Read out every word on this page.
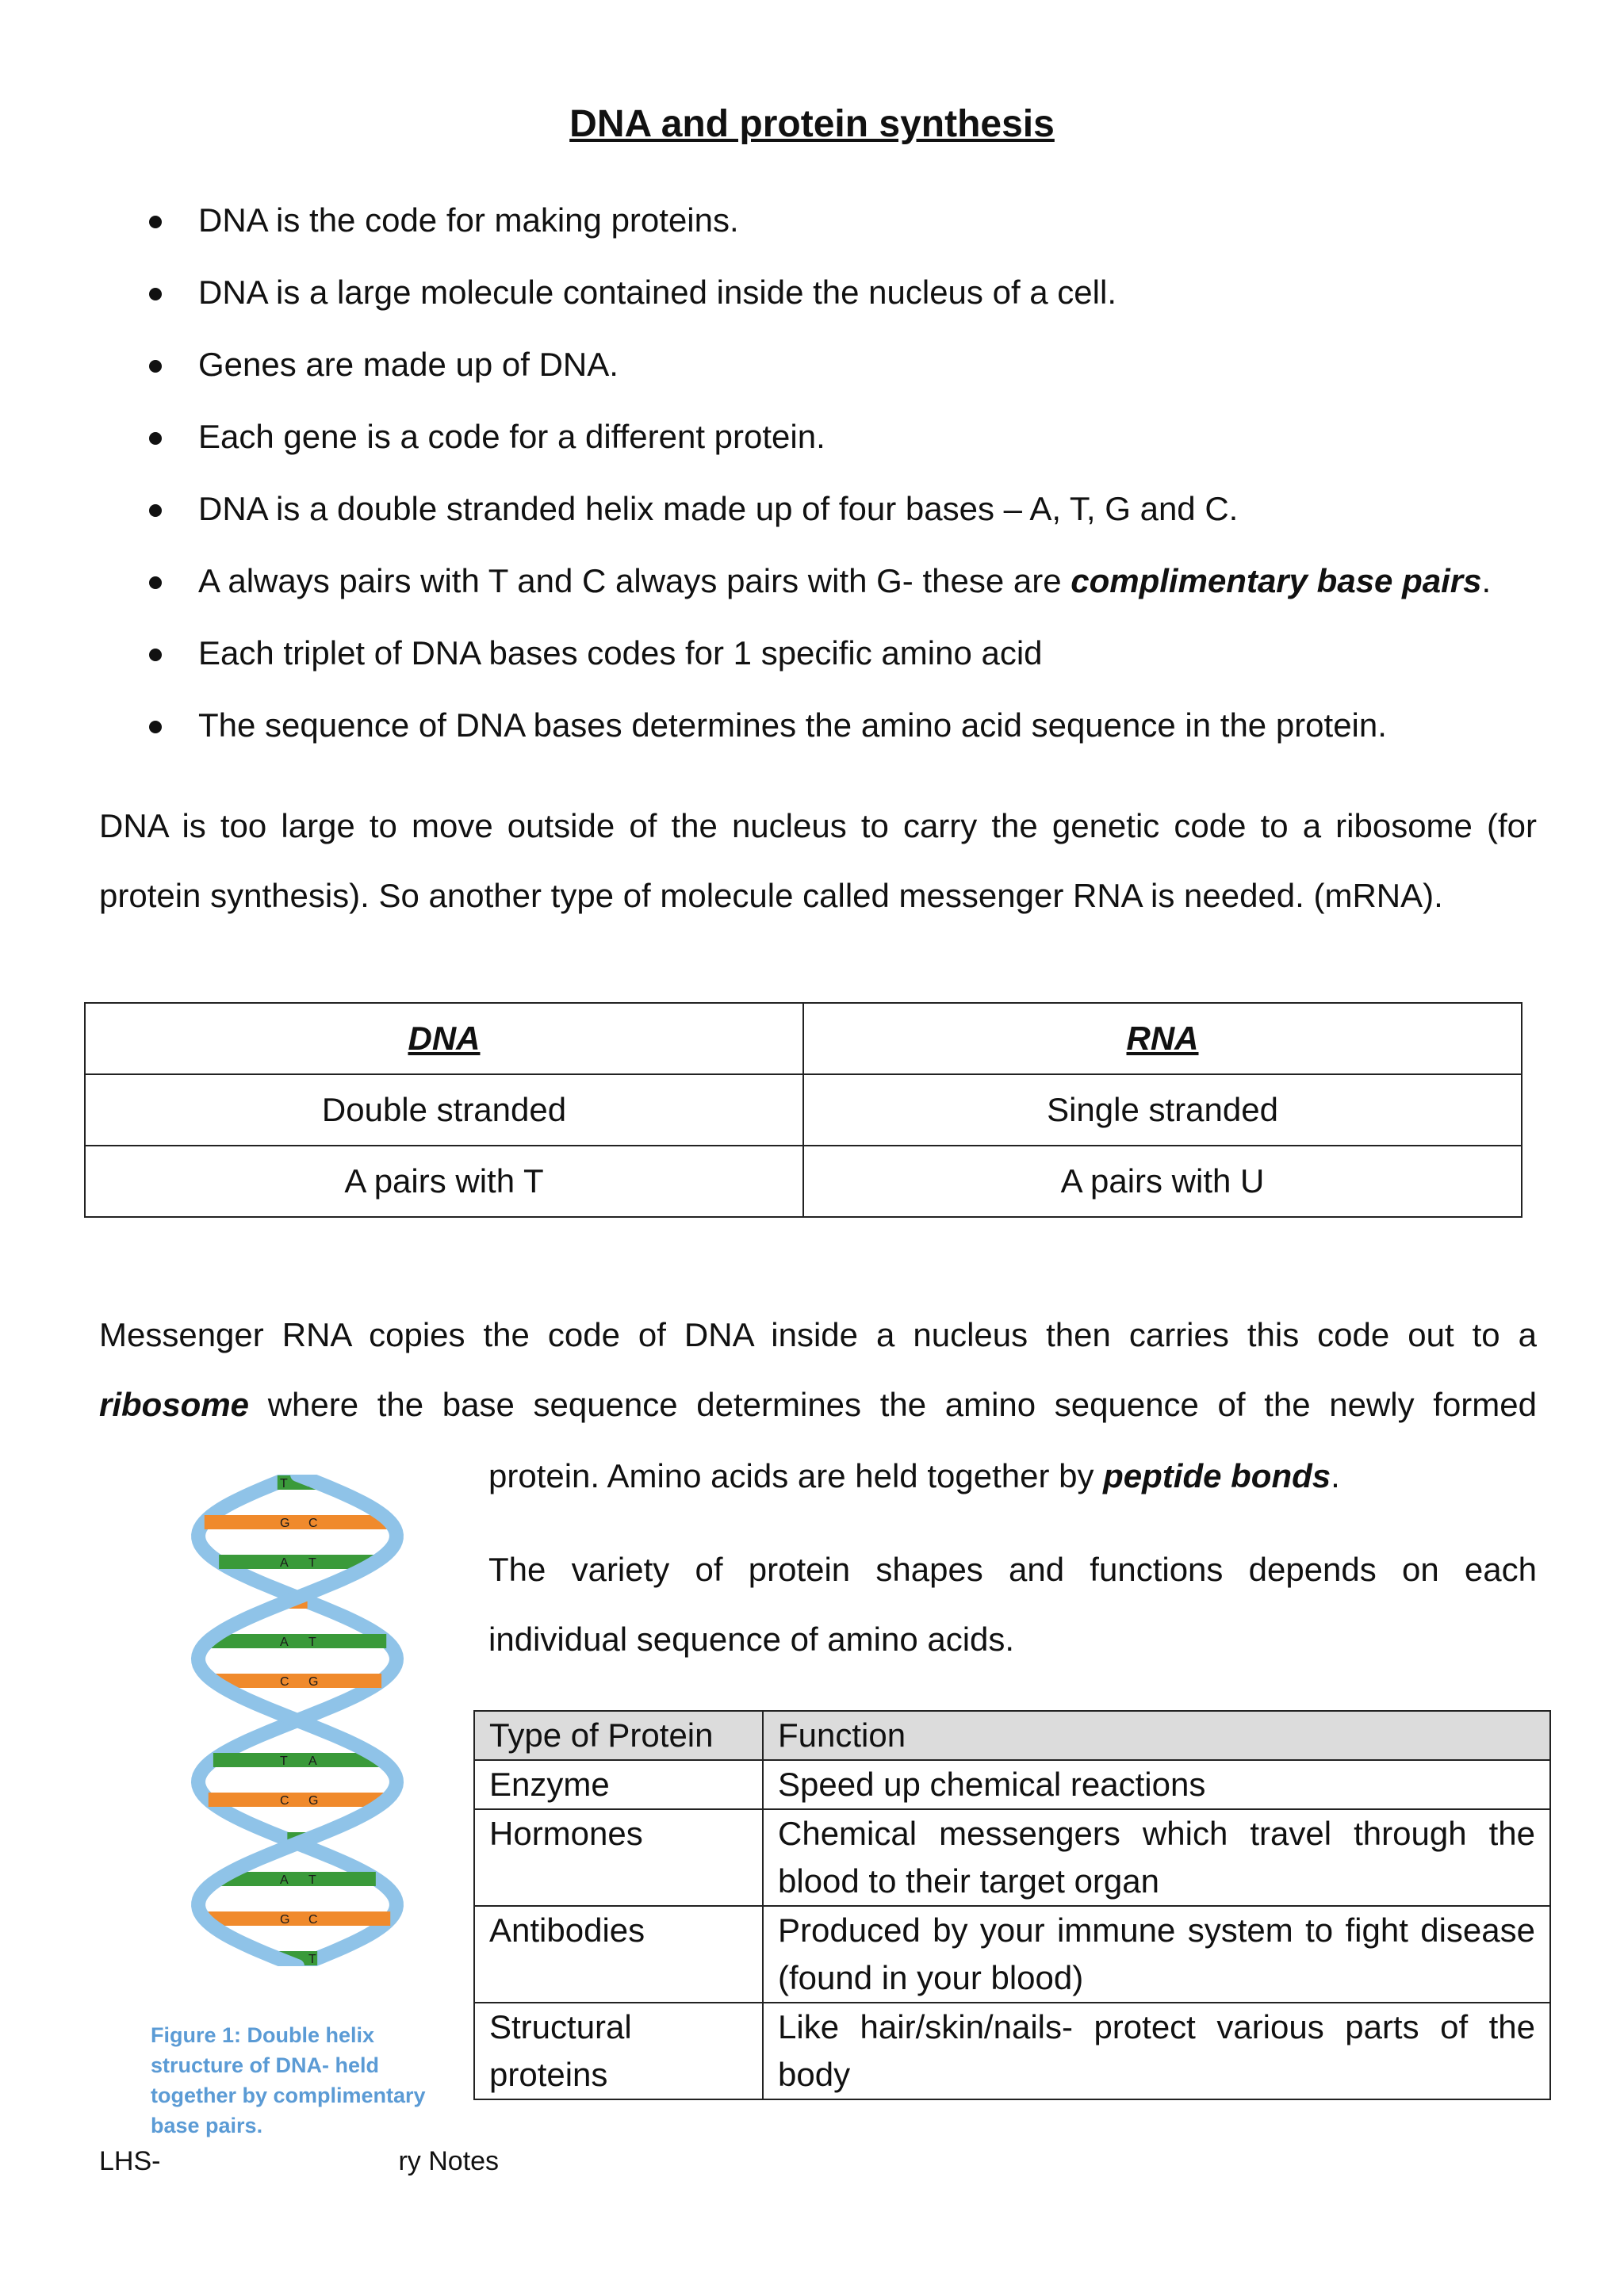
DNA and protein synthesis
DNA is the code for making proteins.
DNA is a large molecule contained inside the nucleus of a cell.
Genes are made up of DNA.
Each gene is a code for a different protein.
DNA is a double stranded helix made up of four bases – A, T, G and C.
A always pairs with T and C always pairs with G- these are complimentary base pairs.
Each triplet of DNA bases codes for 1 specific amino acid
The sequence of DNA bases determines the amino acid sequence in the protein.

DNA is too large to move outside of the nucleus to carry the genetic code to a ribosome (for protein synthesis). So another type of molecule called messenger RNA is needed. (mRNA).

DNA	RNA
Double stranded	Single stranded
A pairs with T	A pairs with U

Messenger RNA copies the code of DNA inside a nucleus then carries this code out to a

ribosome where the base sequence determines the amino sequence of the newly formed

protein. Amino acids are held together by peptide bonds.

The variety of protein shapes and functions depends on each individual sequence of amino acids.

Type of Protein	Function
Enzyme	Speed up chemical reactions
Hormones	Chemical messengers which travel through the blood to their target organ
Antibodies	Produced by your immune system to fight disease (found in your blood)
Structural proteins	Like hair/skin/nails- protect various parts of the body
T A
G C
A T
A T
C G
T A
C G
A T
G C
A T
Figure 1: Double helix structure of DNA- held together by complimentary base pairs.
LHS-	ry Notes
